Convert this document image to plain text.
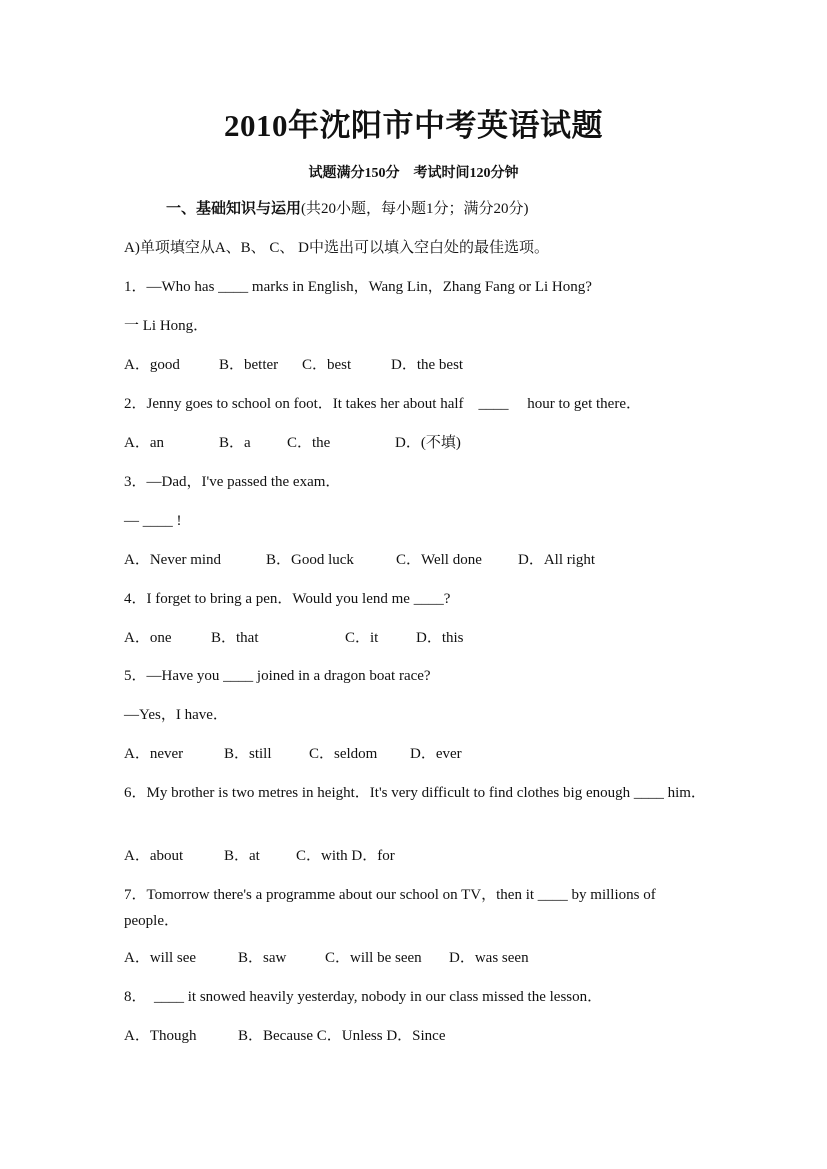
2010年沈阳市中考英语试题
试题满分150分　考试时间120分钟
一、基础知识与运用(共20小题，每小题1分；满分20分)
A)单项填空从A、B、 C、 D中选出可以填入空白处的最佳选项。
1．—Who has ____ marks in English，Wang Lin，Zhang Fang or Li Hong?
一 Li Hong．
A．good	B．better C．best	D．the best
2．Jenny goes to school on foot．It takes her about half    ____     hour to get there．
A．an	B．a C．the	D．(不填)
3．—Dad，I've passed the exam．
— ____ !
A．Never mind	B．Good luck	C．Well done D．All right
4．I forget to bring a pen．Would you lend me ____?
A．one	B．that	C．it	D．this
5．—Have you ____ joined in a dragon boat race?
—Yes，I have．
A．never	B．still C．seldom D．ever
6．My brother is two metres in height．It's very difficult to find clothes big enough ____ him．
A．about	B．at C．with D．for
7．Tomorrow there's a programme about our school on TV，then it ____ by millions of people．
A．will see	B．saw	C．will be seen D．was seen
8．  ____ it snowed heavily yesterday, nobody in our class missed the lesson．
A．Though	B．Because C．Unless D．Since
